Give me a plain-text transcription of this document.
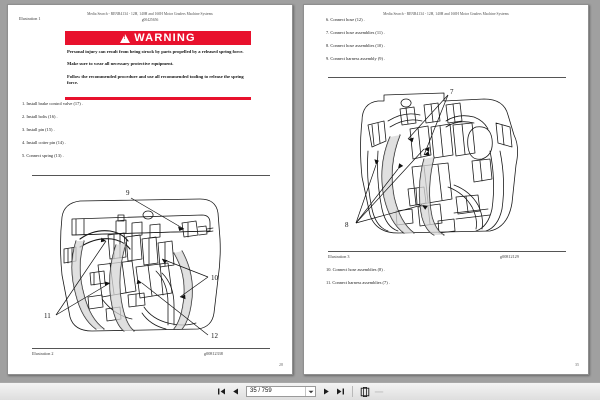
Media Search - RENR4134 - 12H, 140H and 160H Motor Graders Machine Systems
g00425656
Illustration 1
!
WARNING

Personal injury can result from being struck by parts propelled by a released spring force.

Make sure to wear all necessary protective equipment.

Follow the recommended procedure and use all recommended tooling to release the spring force.

1. Install brake control valve (17) .
2. Install bolts (16) .
3. Install pin (15) .
4. Install cotter pin (14) .
5. Connect spring (13) .
9
10
11
12
Illustration 2	g00812338
28
Media Search - RENR4134 - 12H, 140H and 160H Motor Graders Machine Systems
6. Connect hose (12) .
7. Connect hose assemblies (11) .
8. Connect hose assemblies (10) .
9. Connect harness assembly (9) .
7
8
Illustration 3	g00812129
10. Connect hose assemblies (8) .
11. Connect harness assemblies (7) .
35
35 / 759
